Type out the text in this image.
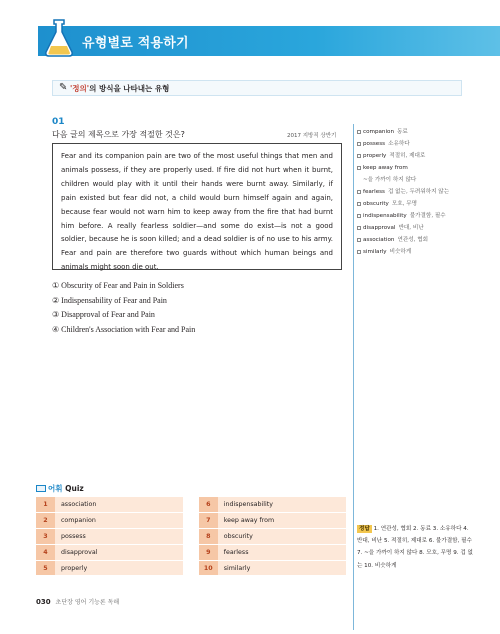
유형별로 적용하기
✎ '정의'의 방식을 나타내는 유형
01
다음 글의 제목으로 가장 적절한 것은?	2017 지방직 상반기

Fear and its companion pain are two of the most useful things that men and animals possess, if they are properly used. If fire did not hurt when it burnt, children would play with it until their hands were burnt away. Similarly, if pain existed but fear did not, a child would burn himself again and again, because fear would not warn him to keep away from the fire that had burnt him before. A really fearless soldier—and some do exist—is not a good soldier, because he is soon killed; and a dead soldier is of no use to his army. Fear and pain are therefore two guards without which human beings and animals might soon die out.

① Obscurity of Fear and Pain in Soldiers
② Indispensability of Fear and Pain
③ Disapproval of Fear and Pain
④ Children's Association with Fear and Pain
companion 동료
possess 소유하다
properly 적절히, 제대로
keep away from
~을 가까이 하지 않다
fearless 겁 없는, 두려워하지 않는
obscurity 모호, 무명
indispensability 불가결함, 필수
disapproval 반대, 비난
association 연관성, 협회
similarly 비슷하게
어휘 Quiz
1	association		6	indispensability
2	companion		7	keep away from
3	possess		8	obscurity
4	disapproval		9	fearless
5	properly		10	similarly
정답 1. 연관성, 협회 2. 동료 3. 소유하다 4. 반대, 비난 5. 적절히, 제대로 6. 불가결함, 필수 7. ~을 가까이 하지 않다 8. 모호, 무명 9. 겁 없는 10. 비슷하게
030 초단장 영어 기능론 독해
